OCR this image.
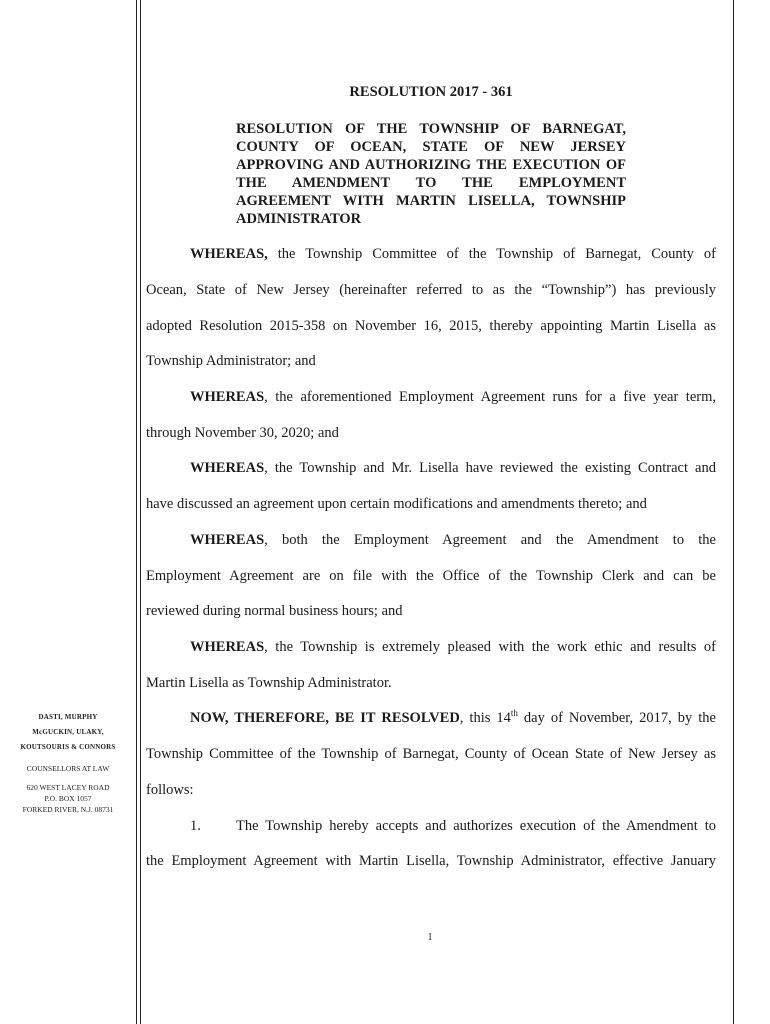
DASTI, MURPHY
McGUCKIN, ULAKY,
KOUTSOURIS & CONNORS
COUNSELLORS AT LAW
620 WEST LACEY ROAD
P.O. BOX 1057
FORKED RIVER, N.J. 08731
RESOLUTION 2017 - 361
RESOLUTION OF THE TOWNSHIP OF BARNEGAT, COUNTY OF OCEAN, STATE OF NEW JERSEY APPROVING AND AUTHORIZING THE EXECUTION OF THE AMENDMENT TO THE EMPLOYMENT AGREEMENT WITH MARTIN LISELLA, TOWNSHIP ADMINISTRATOR
WHEREAS, the Township Committee of the Township of Barnegat, County of
Ocean, State of New Jersey (hereinafter referred to as the “Township”) has previously
adopted Resolution 2015-358 on November 16, 2015, thereby appointing Martin Lisella as
Township Administrator; and
WHEREAS, the aforementioned Employment Agreement runs for a five year term,
through November 30, 2020; and
WHEREAS, the Township and Mr. Lisella have reviewed the existing Contract and
have discussed an agreement upon certain modifications and amendments thereto; and
WHEREAS, both the Employment Agreement and the Amendment to the
Employment Agreement are on file with the Office of the Township Clerk and can be
reviewed during normal business hours; and
WHEREAS, the Township is extremely pleased with the work ethic and results of
Martin Lisella as Township Administrator.
NOW, THEREFORE, BE IT RESOLVED, this 14th day of November, 2017, by the
Township Committee of the Township of Barnegat, County of Ocean State of New Jersey as
follows:
1. The Township hereby accepts and authorizes execution of the Amendment to
the Employment Agreement with Martin Lisella, Township Administrator, effective January
1
